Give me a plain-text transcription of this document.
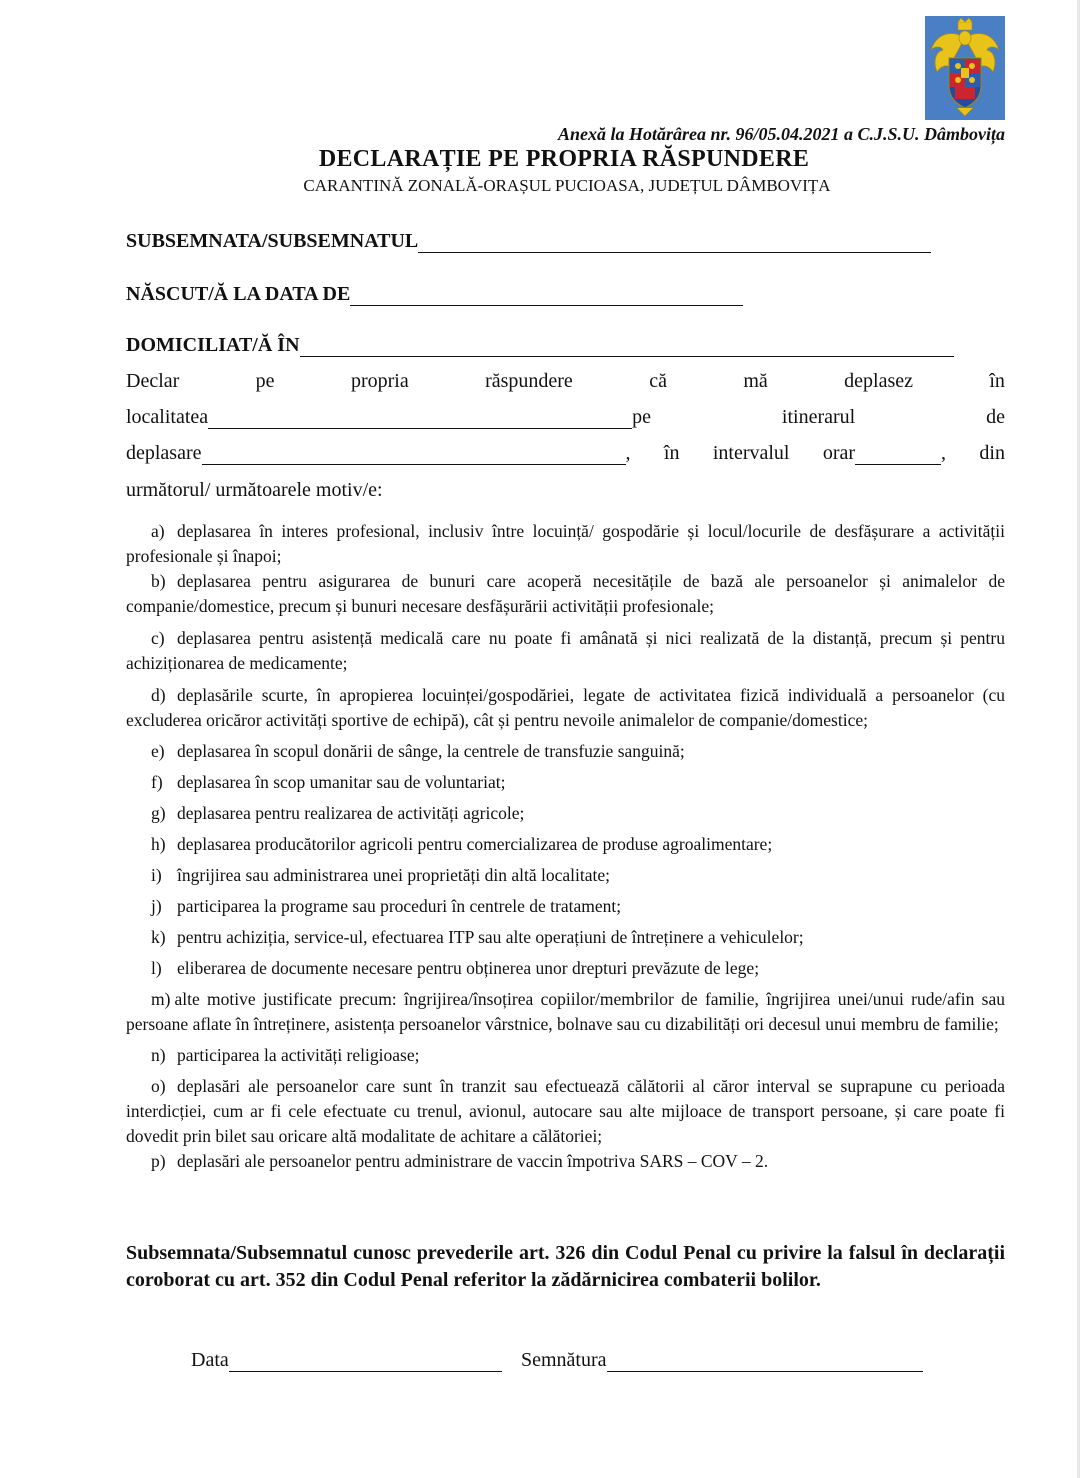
Anexă la Hotărârea nr. 96/05.04.2021 a C.J.S.U. Dâmbovița
DECLARAȚIE PE PROPRIA RĂSPUNDERE
CARANTINĂ ZONALĂ-ORAȘUL PUCIOASA, JUDEȚUL DÂMBOVIȚA
SUBSEMNATA/SUBSEMNATUL
NĂSCUT/Ă LA DATA DE
DOMICILIAT/Ă ÎN
Declar	pe	propria	răspundere	că	mă	deplasez	în
localitatea	pe	itinerarul	de
deplasare	, în intervalul orar	, din
următorul/ următoarele motiv/e:

a) deplasarea în interes profesional, inclusiv între locuință/ gospodărie și locul/locurile de desfășurare a activității profesionale și înapoi;

b) deplasarea pentru asigurarea de bunuri care acoperă necesitățile de bază ale persoanelor și animalelor de companie/domestice, precum și bunuri necesare desfășurării activității profesionale;

c) deplasarea pentru asistență medicală care nu poate fi amânată și nici realizată de la distanță, precum și pentru achiziționarea de medicamente;

d) deplasările scurte, în apropierea locuinței/gospodăriei, legate de activitatea fizică individuală a persoanelor (cu excluderea oricăror activități sportive de echipă), cât și pentru nevoile animalelor de companie/domestice;

e) deplasarea în scopul donării de sânge, la centrele de transfuzie sanguină;

f) deplasarea în scop umanitar sau de voluntariat;

g) deplasarea pentru realizarea de activități agricole;

h) deplasarea producătorilor agricoli pentru comercializarea de produse agroalimentare;

i) îngrijirea sau administrarea unei proprietăți din altă localitate;

j) participarea la programe sau proceduri în centrele de tratament;

k) pentru achiziția, service-ul, efectuarea ITP sau alte operațiuni de întreținere a vehiculelor;

l) eliberarea de documente necesare pentru obținerea unor drepturi prevăzute de lege;

m) alte motive justificate precum: îngrijirea/însoțirea copiilor/membrilor de familie, îngrijirea unei/unui rude/afin sau persoane aflate în întreținere, asistența persoanelor vârstnice, bolnave sau cu dizabilități ori decesul unui membru de familie;

n) participarea la activități religioase;

o) deplasări ale persoanelor care sunt în tranzit sau efectuează călătorii al căror interval se suprapune cu perioada interdicției, cum ar fi cele efectuate cu trenul, avionul, autocare sau alte mijloace de transport persoane, și care poate fi dovedit prin bilet sau oricare altă modalitate de achitare a călătoriei;

p) deplasări ale persoanelor pentru administrare de vaccin împotriva SARS – COV – 2.

Subsemnata/Subsemnatul cunosc prevederile art. 326 din Codul Penal cu privire la falsul în declarații coroborat cu art. 352 din Codul Penal referitor la zădărnicirea combaterii bolilor.
Data	Semnătura
